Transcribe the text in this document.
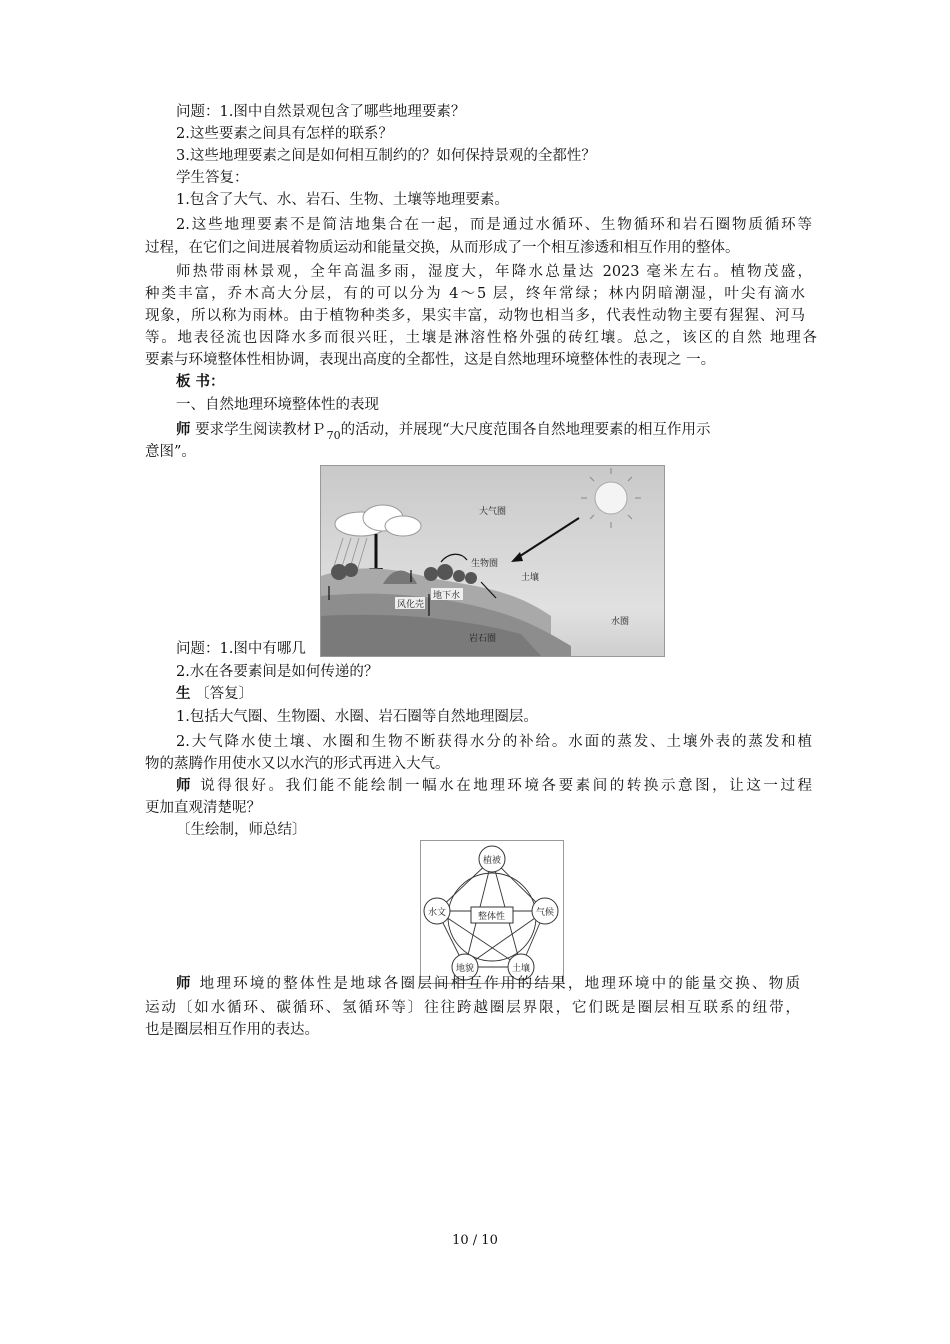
问题：1.图中自然景观包含了哪些地理要素？
2.这些要素之间具有怎样的联系？
3.这些地理要素之间是如何相互制约的？如何保持景观的全都性？
学生答复：
1.包含了大气、水、岩石、生物、土壤等地理要素。
2.这些地理要素不是简洁地集合在一起，而是通过水循环、生物循环和岩石圈物质循环等
过程，在它们之间进展着物质运动和能量交换，从而形成了一个相互渗透和相互作用的整体。
师热带雨林景观，全年高温多雨，湿度大，年降水总量达 2023 毫米左右。植物茂盛，
种类丰富，乔木高大分层，有的可以分为 4～5 层，终年常绿；林内阴暗潮湿，叶尖有滴水
现象，所以称为雨林。由于植物种类多，果实丰富，动物也相当多，代表性动物主要有猩猩、河马
等。地表径流也因降水多而很兴旺，土壤是淋溶性格外强的砖红壤。总之，该区的自然 地理各
要素与环境整体性相协调，表现出高度的全都性，这是自然地理环境整体性的表现之 一。
板 书：
一、自然地理环境整体性的表现
师 要求学生阅读教材Ｐ$_{70}$的活动，并展现“大尺度范围各自然地理要素的相互作用示
意图”。
大气圈
生物圈
土壤
风化壳
地下水
水圈
岩石圈
问题：1.图中有哪几
2.水在各要素间是如何传递的？
生 〔答复〕
1.包括大气圈、生物圈、水圈、岩石圈等自然地理圈层。
2.大气降水使土壤、水圈和生物不断获得水分的补给。水面的蒸发、土壤外表的蒸发和植
物的蒸腾作用使水又以水汽的形式再进入大气。
师 说得很好。我们能不能绘制一幅水在地理环境各要素间的转换示意图，让这一过程
更加直观清楚呢？
〔生绘制，师总结〕
植被
水文	气候
地貌	土壤
整体性
师 地理环境的整体性是地球各圈层间相互作用的结果，地理环境中的能量交换、物质
运动〔如水循环、碳循环、氢循环等〕往往跨越圈层界限，它们既是圈层相互联系的纽带，
也是圈层相互作用的表达。
10 / 10
